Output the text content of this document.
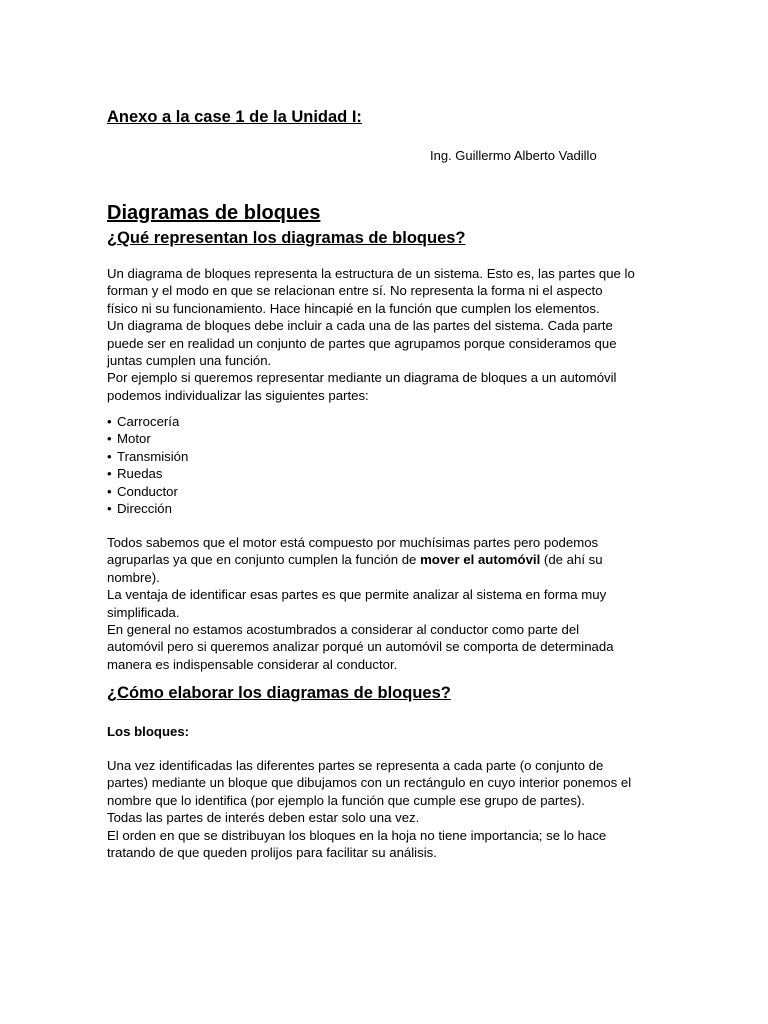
Anexo a la case 1 de la Unidad I:

Ing. Guillermo Alberto Vadillo

Diagramas de bloques
¿Qué representan los diagramas de bloques?

Un diagrama de bloques representa la estructura de un sistema. Esto es, las partes que lo

forman y el modo en que se relacionan entre sí. No representa la forma ni el aspecto

físico ni su funcionamiento. Hace hincapié en la función que cumplen los elementos.

Un diagrama de bloques debe incluir a cada una de las partes del sistema. Cada parte

puede ser en realidad un conjunto de partes que agrupamos porque consideramos que

juntas cumplen una función.

Por ejemplo si queremos representar mediante un diagrama de bloques a un automóvil

podemos individualizar las siguientes partes:

• Carrocería
• Motor
• Transmisión
• Ruedas
• Conductor
• Dirección

Todos sabemos que el motor está compuesto por muchísimas partes pero podemos

agruparlas ya que en conjunto cumplen la función de mover el automóvil (de ahí su

nombre).

La ventaja de identificar esas partes es que permite analizar al sistema en forma muy

simplificada.

En general no estamos acostumbrados a considerar al conductor como parte del

automóvil pero si queremos analizar porqué un automóvil se comporta de determinada

manera es indispensable considerar al conductor.

¿Cómo elaborar los diagramas de bloques?

Los bloques:

Una vez identificadas las diferentes partes se representa a cada parte (o conjunto de

partes) mediante un bloque que dibujamos con un rectángulo en cuyo interior ponemos el

nombre que lo identifica (por ejemplo la función que cumple ese grupo de partes).

Todas las partes de interés deben estar solo una vez.

El orden en que se distribuyan los bloques en la hoja no tiene importancia; se lo hace

tratando de que queden prolijos para facilitar su análisis.
